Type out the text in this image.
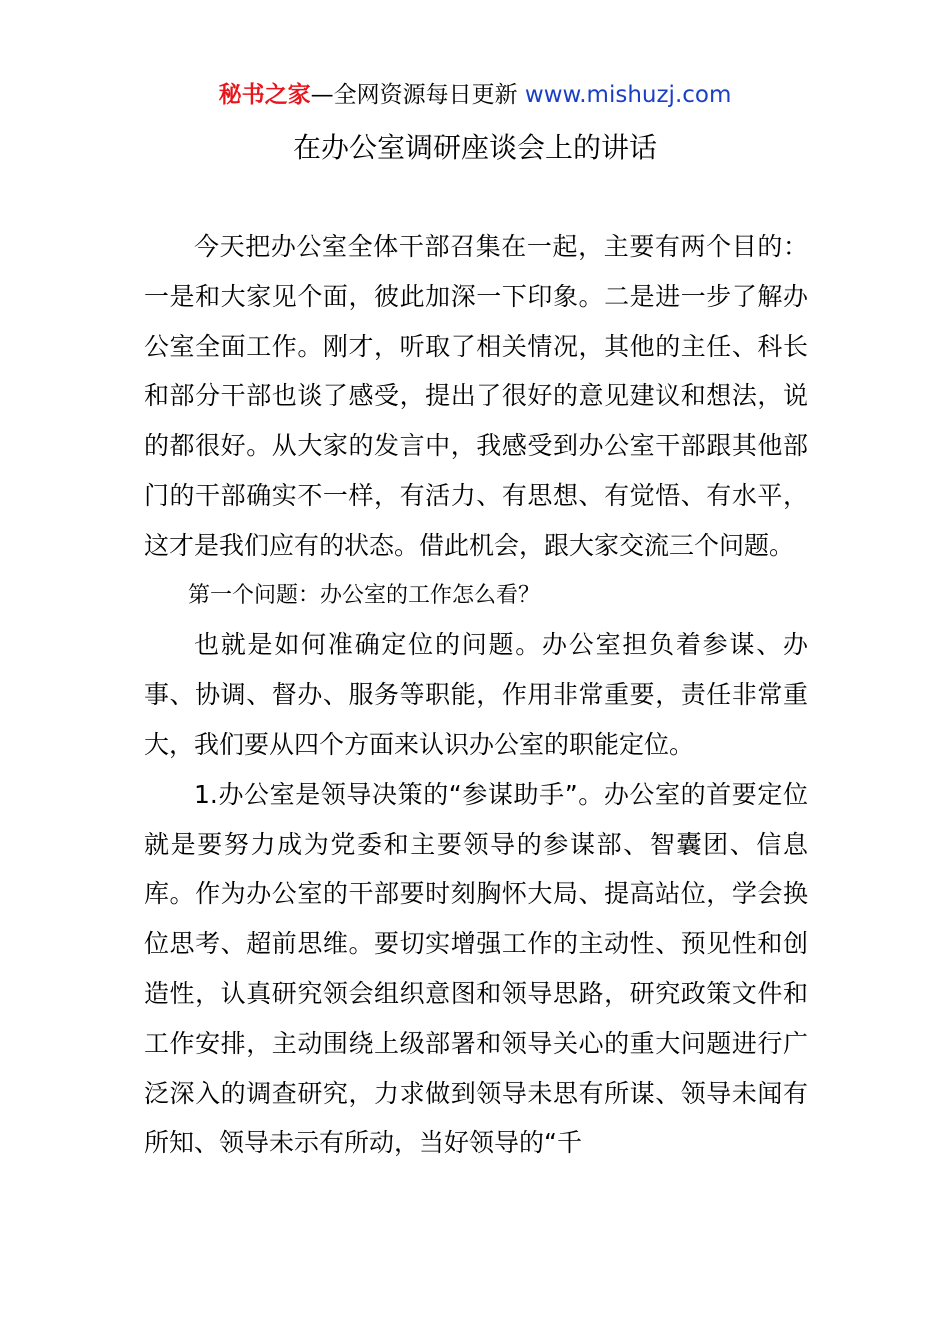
秘书之家—全网资源每日更新 www.mishuzj.com
在办公室调研座谈会上的讲话

今天把办公室全体干部召集在一起，主要有两个目的：一是和大家见个面，彼此加深一下印象。二是进一步了解办公室全面工作。刚才，听取了相关情况，其他的主任、科长和部分干部也谈了感受，提出了很好的意见建议和想法，说的都很好。从大家的发言中，我感受到办公室干部跟其他部门的干部确实不一样，有活力、有思想、有觉悟、有水平，这才是我们应有的状态。借此机会，跟大家交流三个问题。

第一个问题：办公室的工作怎么看？

也就是如何准确定位的问题。办公室担负着参谋、办事、协调、督办、服务等职能，作用非常重要，责任非常重大，我们要从四个方面来认识办公室的职能定位。

1.办公室是领导决策的“参谋助手”。办公室的首要定位就是要努力成为党委和主要领导的参谋部、智囊团、信息库。作为办公室的干部要时刻胸怀大局、提高站位，学会换位思考、超前思维。要切实增强工作的主动性、预见性和创造性，认真研究领会组织意图和领导思路，研究政策文件和工作安排，主动围绕上级部署和领导关心的重大问题进行广泛深入的调查研究，力求做到领导未思有所谋、领导未闻有所知、领导未示有所动，当好领导的“千
